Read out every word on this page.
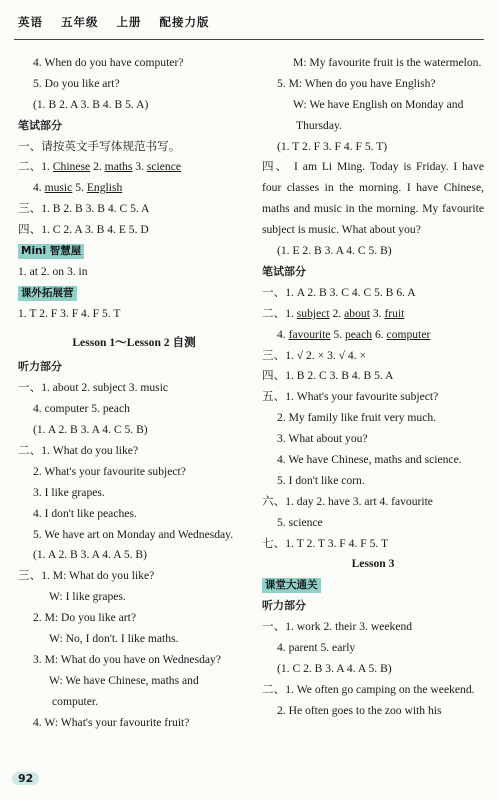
英语 五年级 上册 配接力版
4. When do you have computer?
5. Do you like art?
(1. B 2. A 3. B 4. B 5. A)
笔试部分
一、请按英文手写体规范书写。
二、1. Chinese 2. maths 3. science
4. music 5. English
三、1. B 2. B 3. B 4. C 5. A
四、1. C 2. A 3. B 4. E 5. D
Mini 智慧屋
1. at 2. on 3. in
课外拓展营
1. T 2. F 3. F 4. F 5. T
Lesson 1～Lesson 2 自测
听力部分
一、1. about 2. subject 3. music
4. computer 5. peach
(1. A 2. B 3. A 4. C 5. B)
二、1. What do you like?
2. What's your favourite subject?
3. I like grapes.
4. I don't like peaches.
5. We have art on Monday and Wednesday.
(1. A 2. B 3. A 4. A 5. B)
三、1. M: What do you like?
W: I like grapes.
2. M: Do you like art?
W: No, I don't. I like maths.
3. M: What do you have on Wednesday?
W: We have Chinese, maths and
computer.
4. W: What's your favourite fruit?
M: My favourite fruit is the watermelon.
5. M: When do you have English?
W: We have English on Monday and
Thursday.
(1. T 2. F 3. F 4. F 5. T)
四、 I am Li Ming. Today is Friday. I have four classes in the morning. I have Chinese, maths and music in the morning. My favourite subject is music. What about you?
(1. E 2. B 3. A 4. C 5. B)
笔试部分
一、1. A 2. B 3. C 4. C 5. B 6. A
二、1. subject 2. about 3. fruit
4. favourite 5. peach 6. computer
三、1. √ 2. × 3. √ 4. ×
四、1. B 2. C 3. B 4. B 5. A
五、1. What's your favourite subject?
2. My family like fruit very much.
3. What about you?
4. We have Chinese, maths and science.
5. I don't like corn.
六、1. day 2. have 3. art 4. favourite
5. science
七、1. T 2. T 3. F 4. F 5. T
Lesson 3
课堂大通关
听力部分
一、1. work 2. their 3. weekend
4. parent 5. early
(1. C 2. B 3. A 4. A 5. B)
二、1. We often go camping on the weekend.
2. He often goes to the zoo with his
92
